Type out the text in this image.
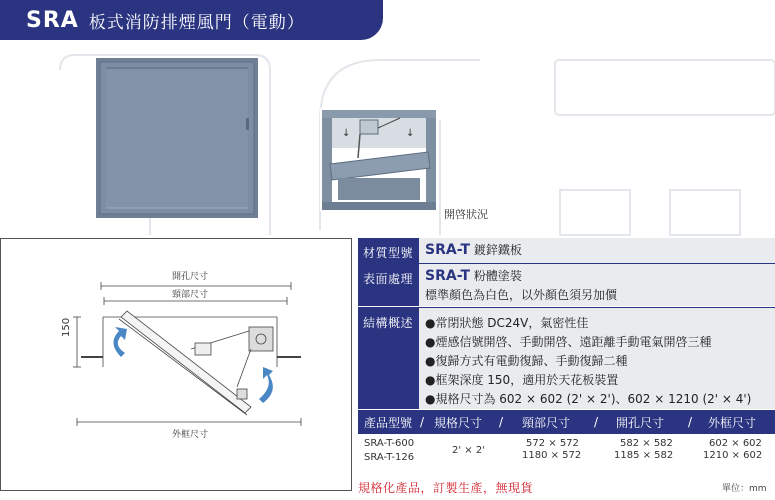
SRA 板式消防排煙風門（電動）
↓	↓
開啓狀況
開孔尺寸
頸部尺寸
150
外框尺寸
材質型號 SRA-T 鍍鋅鐵板
表面處理 SRA-T 粉體塗裝
標準顏色為白色，以外顏色須另加價
結構概述 ●常閉狀態 DC24V，氣密性佳
●煙感信號開啓、手動開啓、遠距離手動電氣開啓三種
●復歸方式有電動復歸、手動復歸二種
●框架深度 150，適用於天花板裝置
●規格尺寸為 602 × 602 (2' × 2')、602 × 1210 (2' × 4')
產品型號 / 規格尺寸 / 頸部尺寸 / 開孔尺寸 / 外框尺寸
SRA-T-600
SRA-T-126
2' × 2'
572 × 572
1180 × 572
582 × 582
1185 × 582
602 × 602
1210 × 602
規格化產品，訂製生產，無現貨	單位：mm
